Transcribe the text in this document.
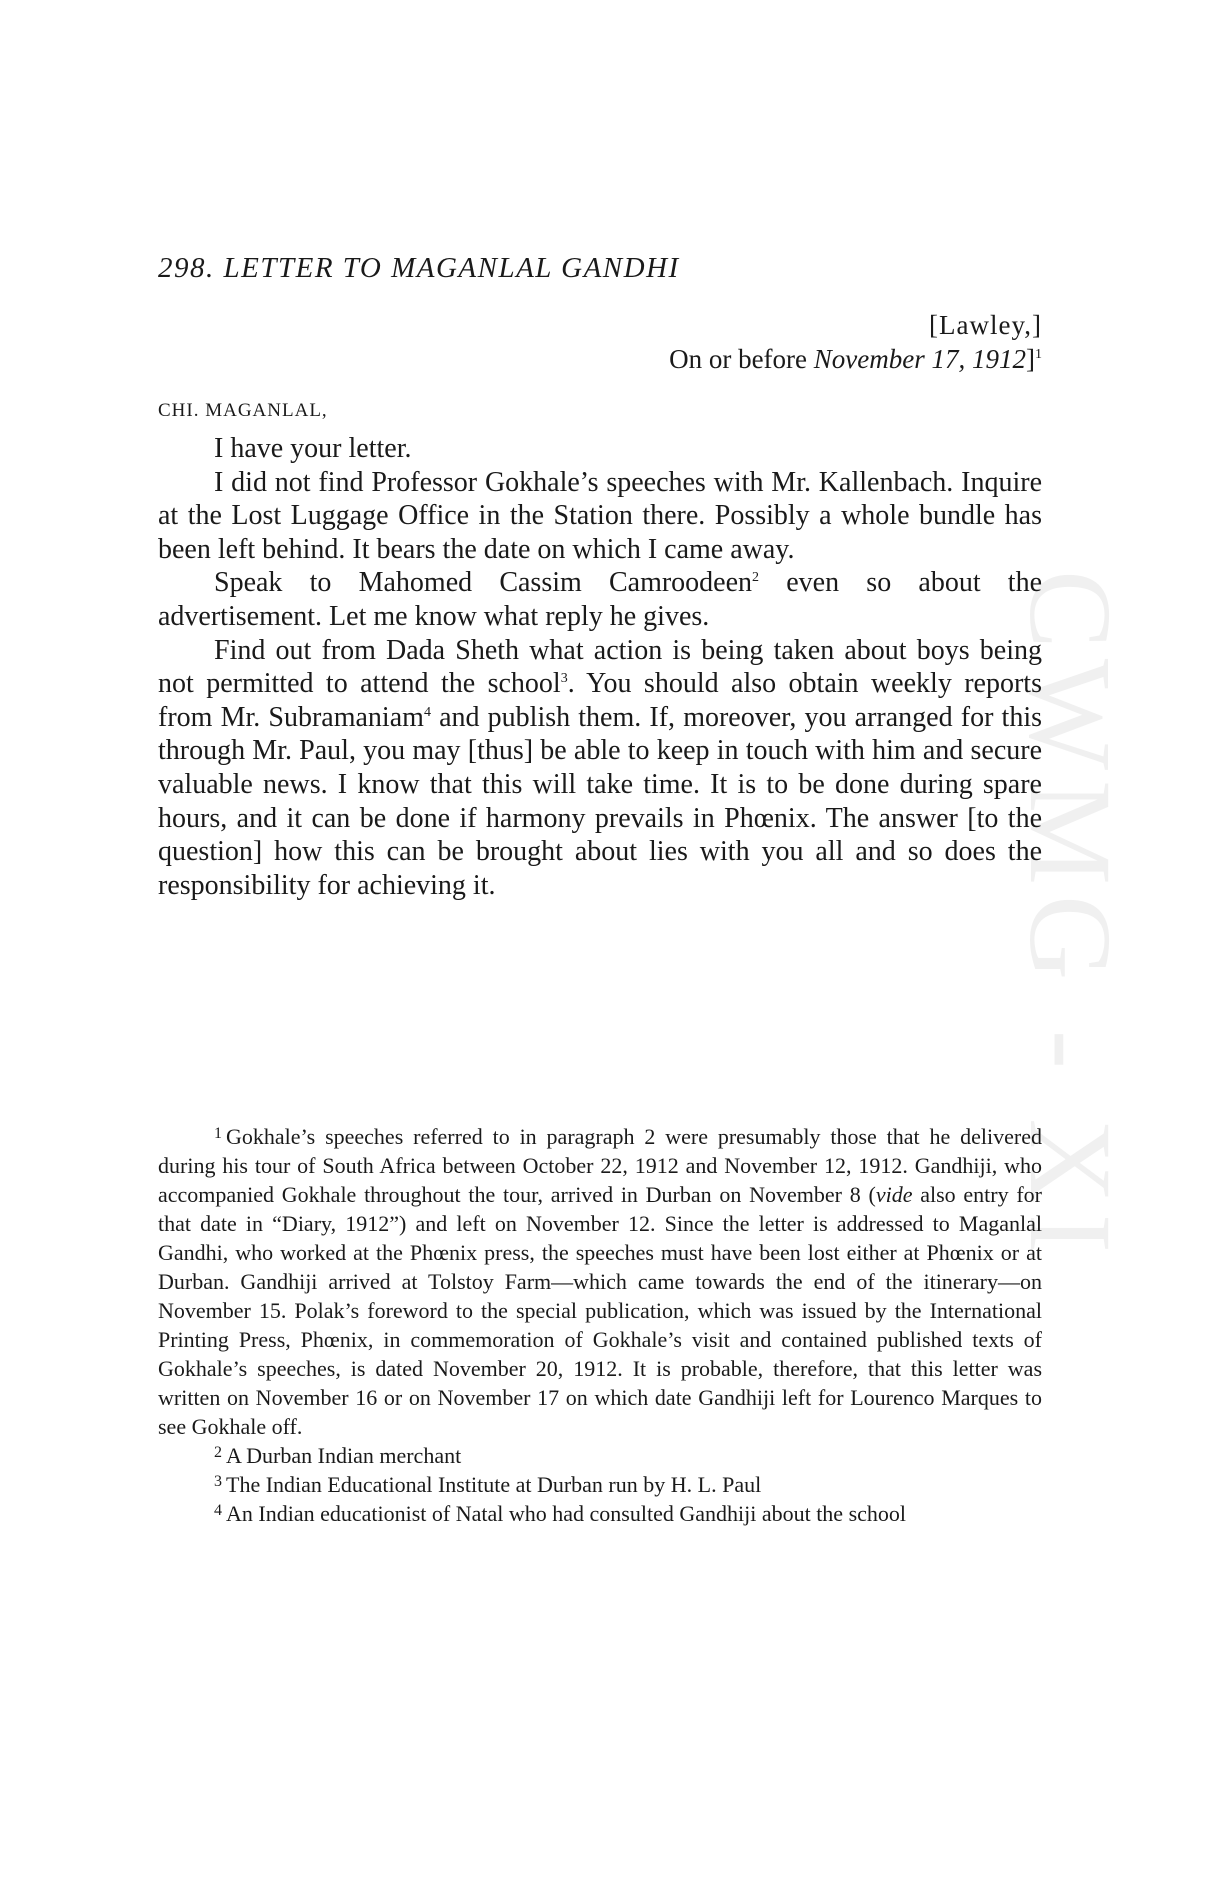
CWMG - XI
298. LETTER TO MAGANLAL GANDHI
[Lawley,]
On or before November 17, 1912]$^1$
CHI. MAGANLAL,

I have your letter.

I did not find Professor Gokhale’s speeches with Mr. Kallenbach. Inquire at the Lost Luggage Office in the Station there. Possibly a whole bundle has been left behind. It bears the date on which I came away.

Speak to Mahomed Cassim Camroodeen$^2$ even so about the advertisement. Let me know what reply he gives.

Find out from Dada Sheth what action is being taken about boys being not permitted to attend the school$^3$. You should also obtain weekly reports from Mr. Subramaniam$^4$ and publish them. If, moreover, you arranged for this through Mr. Paul, you may [thus] be able to keep in touch with him and secure valuable news. I know that this will take time. It is to be done during spare hours, and it can be done if harmony prevails in Phœnix. The answer [to the question] how this can be brought about lies with you all and so does the responsibility for achieving it.

$^1$ Gokhale’s speeches referred to in paragraph 2 were presumably those that he delivered during his tour of South Africa between October 22, 1912 and November 12, 1912. Gandhiji, who accompanied Gokhale throughout the tour, arrived in Durban on November 8 (vide also entry for that date in “Diary, 1912”) and left on November 12. Since the letter is addressed to Maganlal Gandhi, who worked at the Phœnix press, the speeches must have been lost either at Phœnix or at Durban. Gandhiji arrived at Tolstoy Farm—which came towards the end of the itinerary—on November 15. Polak’s foreword to the special publication, which was issued by the International Printing Press, Phœnix, in commemoration of Gokhale’s visit and contained published texts of Gokhale’s speeches, is dated November 20, 1912. It is probable, therefore, that this letter was written on November 16 or on November 17 on which date Gandhiji left for Lourenco Marques to see Gokhale off.

$^2$ A Durban Indian merchant

$^3$ The Indian Educational Institute at Durban run by H. L. Paul

$^4$ An Indian educationist of Natal who had consulted Gandhiji about the school
